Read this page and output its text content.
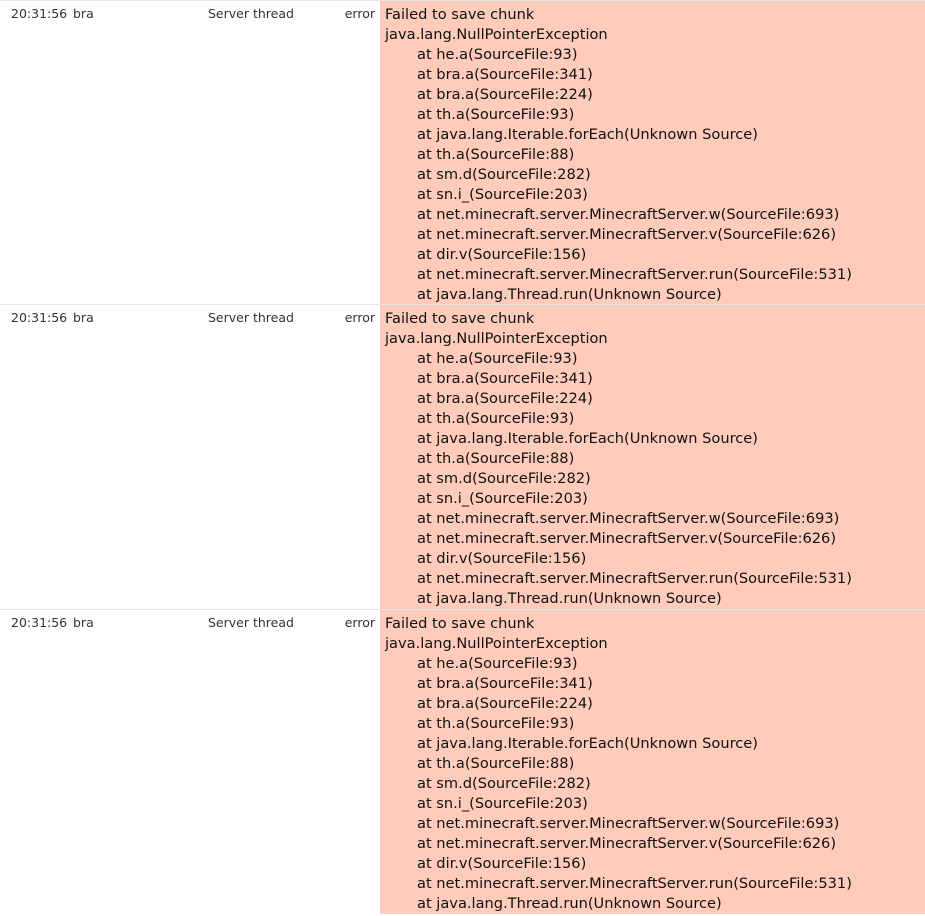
20:31:56 bra	Server thread	error Failed to save chunk
java.lang.NullPointerException
at he.a(SourceFile:93)
at bra.a(SourceFile:341)
at bra.a(SourceFile:224)
at th.a(SourceFile:93)
at java.lang.Iterable.forEach(Unknown Source)
at th.a(SourceFile:88)
at sm.d(SourceFile:282)
at sn.i_(SourceFile:203)
at net.minecraft.server.MinecraftServer.w(SourceFile:693)
at net.minecraft.server.MinecraftServer.v(SourceFile:626)
at dir.v(SourceFile:156)
at net.minecraft.server.MinecraftServer.run(SourceFile:531)
at java.lang.Thread.run(Unknown Source)
20:31:56 bra	Server thread	error Failed to save chunk
java.lang.NullPointerException
at he.a(SourceFile:93)
at bra.a(SourceFile:341)
at bra.a(SourceFile:224)
at th.a(SourceFile:93)
at java.lang.Iterable.forEach(Unknown Source)
at th.a(SourceFile:88)
at sm.d(SourceFile:282)
at sn.i_(SourceFile:203)
at net.minecraft.server.MinecraftServer.w(SourceFile:693)
at net.minecraft.server.MinecraftServer.v(SourceFile:626)
at dir.v(SourceFile:156)
at net.minecraft.server.MinecraftServer.run(SourceFile:531)
at java.lang.Thread.run(Unknown Source)
20:31:56 bra	Server thread	error Failed to save chunk
java.lang.NullPointerException
at he.a(SourceFile:93)
at bra.a(SourceFile:341)
at bra.a(SourceFile:224)
at th.a(SourceFile:93)
at java.lang.Iterable.forEach(Unknown Source)
at th.a(SourceFile:88)
at sm.d(SourceFile:282)
at sn.i_(SourceFile:203)
at net.minecraft.server.MinecraftServer.w(SourceFile:693)
at net.minecraft.server.MinecraftServer.v(SourceFile:626)
at dir.v(SourceFile:156)
at net.minecraft.server.MinecraftServer.run(SourceFile:531)
at java.lang.Thread.run(Unknown Source)
